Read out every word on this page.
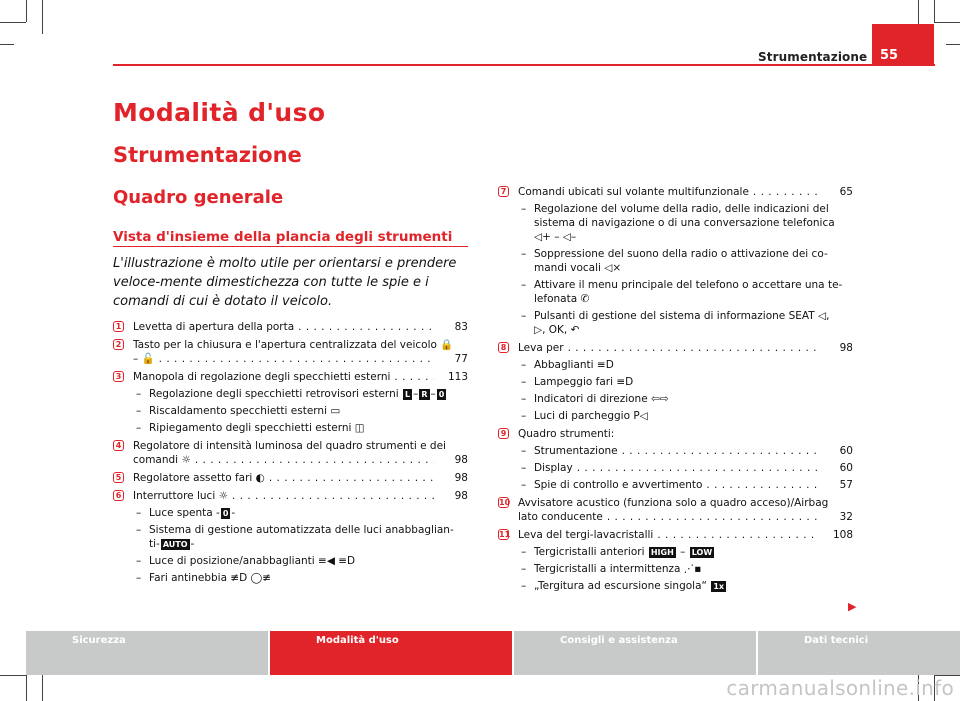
Strumentazione 55
Modalità d'uso
Strumentazione
Quadro generale
Vista d'insieme della plancia degli strumenti
L'illustrazione è molto utile per orientarsi e prendere veloce-mente dimestichezza con tutte le spie e i comandi di cui è dotato il veicolo.
1 Levetta di apertura della porta . . .	83
2 Tasto per la chiusura e l'apertura centralizzata del veicolo 🔒
– 🔓 . . .	77
3 Manopola di regolazione degli specchietti esterni . . .	113
– Regolazione degli specchietti retrovisori esterni L – R – 0
– Riscaldamento specchietti esterni ▭
– Ripiegamento degli specchietti esterni ◫
4 Regolatore di intensità luminosa del quadro strumenti e dei
comandi ☼ . . .	98
5 Regolatore assetto fari ◐ . . .	98
6 Interruttore luci ☼ . . .	98
– Luce spenta - 0 -
– Sistema di gestione automatizzata delle luci anabbaglian-
ti- AUTO -
– Luce di posizione/anabbaglianti ≡◀ ≡D
– Fari antinebbia ≢D ◯≢
7 Comandi ubicati sul volante multifunzionale . . .	65
– Regolazione del volume della radio, delle indicazioni del
sistema di navigazione o di una conversazione telefonica
◁+ – ◁–
– Soppressione del suono della radio o attivazione dei co-
mandi vocali ◁×
– Attivare il menu principale del telefono o accettare una te-
lefonata ✆
– Pulsanti di gestione del sistema di informazione SEAT ◁,
▷, OK, ↶
8 Leva per . . .	98
– Abbaglianti ≡D
– Lampeggio fari ≡D
– Indicatori di direzione ⇦⇨
– Luci di parcheggio P◁
9 Quadro strumenti:
– Strumentazione . . .	60
– Display . . .	60
– Spie di controllo e avvertimento . . .	57
10 Avvisatore acustico (funziona solo a quadro acceso)/Airbag
lato conducente . . .	32
11 Leva del tergi-lavacristalli . . .	108
– Tergicristalli anteriori HIGH – LOW
– Tergicristalli a intermittenza ⋰▪
– „Tergitura ad escursione singola“ 1x
▶
Sicurezza	Modalità d'uso	Consigli e assistenza	Dati tecnici
carmanualsonline.info
